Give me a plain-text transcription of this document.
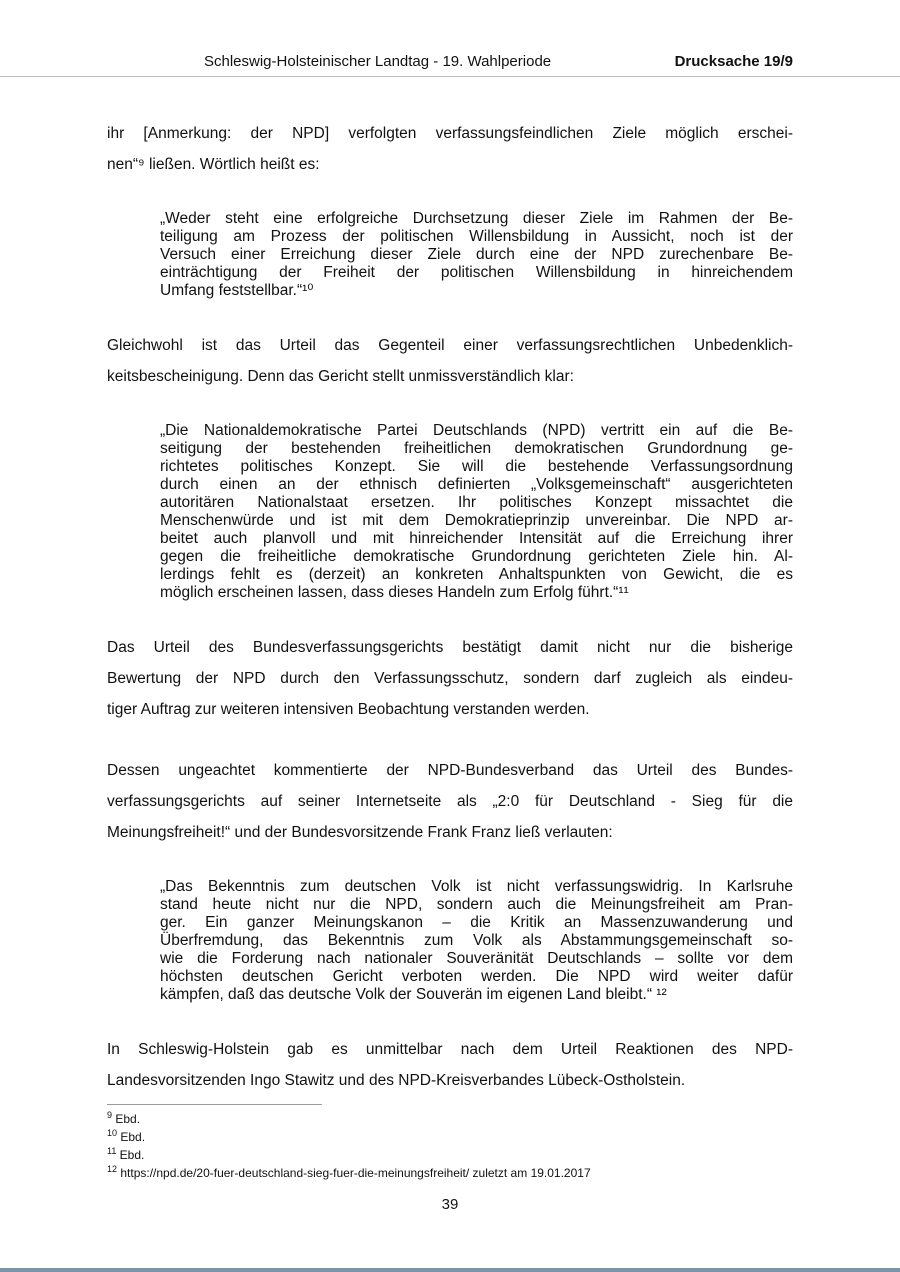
Schleswig-Holsteinischer Landtag - 19. Wahlperiode	Drucksache 19/9
ihr [Anmerkung: der NPD] verfolgten verfassungsfeindlichen Ziele möglich erschei-
nen“⁹ ließen. Wörtlich heißt es:
„Weder steht eine erfolgreiche Durchsetzung dieser Ziele im Rahmen der Be-
teiligung am Prozess der politischen Willensbildung in Aussicht, noch ist der
Versuch einer Erreichung dieser Ziele durch eine der NPD zurechenbare Be-
einträchtigung der Freiheit der politischen Willensbildung in hinreichendem
Umfang feststellbar.“¹⁰
Gleichwohl ist das Urteil das Gegenteil einer verfassungsrechtlichen Unbedenklich-
keitsbescheinigung. Denn das Gericht stellt unmissverständlich klar:
„Die Nationaldemokratische Partei Deutschlands (NPD) vertritt ein auf die Be-
seitigung der bestehenden freiheitlichen demokratischen Grundordnung ge-
richtetes politisches Konzept. Sie will die bestehende Verfassungsordnung
durch einen an der ethnisch definierten „Volksgemeinschaft“ ausgerichteten
autoritären Nationalstaat ersetzen. Ihr politisches Konzept missachtet die
Menschenwürde und ist mit dem Demokratieprinzip unvereinbar. Die NPD ar-
beitet auch planvoll und mit hinreichender Intensität auf die Erreichung ihrer
gegen die freiheitliche demokratische Grundordnung gerichteten Ziele hin. Al-
lerdings fehlt es (derzeit) an konkreten Anhaltspunkten von Gewicht, die es
möglich erscheinen lassen, dass dieses Handeln zum Erfolg führt.“¹¹
Das Urteil des Bundesverfassungsgerichts bestätigt damit nicht nur die bisherige
Bewertung der NPD durch den Verfassungsschutz, sondern darf zugleich als eindeu-
tiger Auftrag zur weiteren intensiven Beobachtung verstanden werden.
Dessen ungeachtet kommentierte der NPD-Bundesverband das Urteil des Bundes-
verfassungsgerichts auf seiner Internetseite als „2:0 für Deutschland - Sieg für die
Meinungsfreiheit!“ und der Bundesvorsitzende Frank Franz ließ verlauten:
„Das Bekenntnis zum deutschen Volk ist nicht verfassungswidrig. In Karlsruhe
stand heute nicht nur die NPD, sondern auch die Meinungsfreiheit am Pran-
ger. Ein ganzer Meinungskanon – die Kritik an Massenzuwanderung und
Überfremdung, das Bekenntnis zum Volk als Abstammungsgemeinschaft so-
wie die Forderung nach nationaler Souveränität Deutschlands – sollte vor dem
höchsten deutschen Gericht verboten werden. Die NPD wird weiter dafür
kämpfen, daß das deutsche Volk der Souverän im eigenen Land bleibt.“ ¹²
In Schleswig-Holstein gab es unmittelbar nach dem Urteil Reaktionen des NPD-
Landesvorsitzenden Ingo Stawitz und des NPD-Kreisverbandes Lübeck-Ostholstein.
$^9$ Ebd.
$^{10}$ Ebd.
$^{11}$ Ebd.
$^{12}$ https://npd.de/20-fuer-deutschland-sieg-fuer-die-meinungsfreiheit/ zuletzt am 19.01.2017
39
